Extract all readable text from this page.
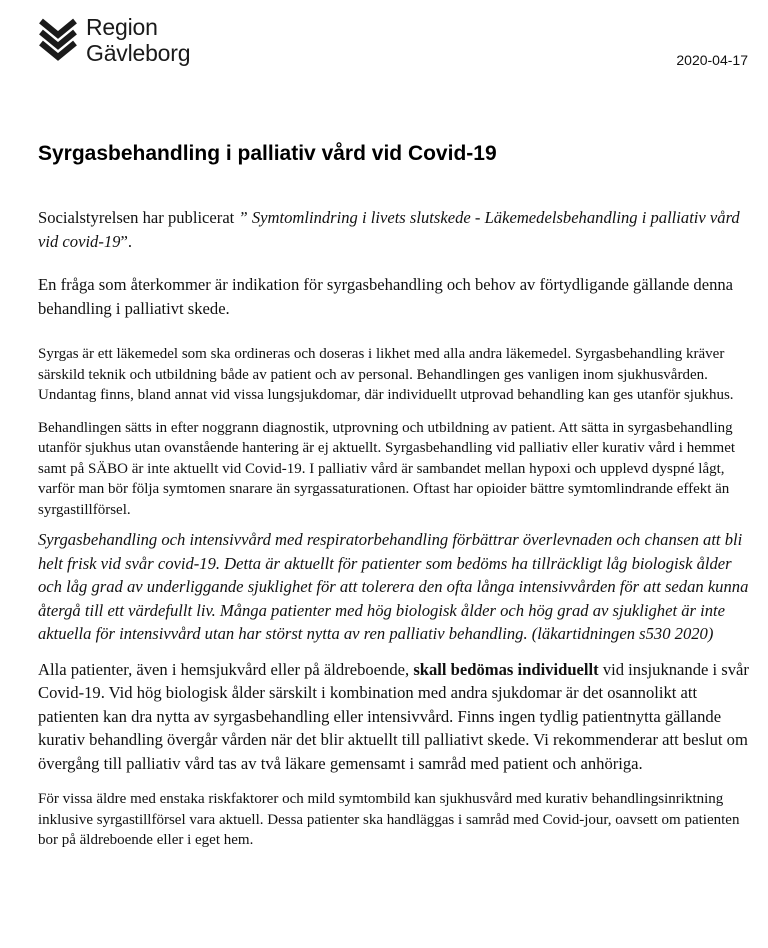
Region
Gävleborg	2020-04-17
Syrgasbehandling i palliativ vård vid Covid-19

Socialstyrelsen har publicerat ” Symtomlindring i livets slutskede - Läkemedelsbehandling i palliativ vård vid covid-19”.

En fråga som återkommer är indikation för syrgasbehandling och behov av förtydligande gällande denna behandling i palliativt skede.

Syrgas är ett läkemedel som ska ordineras och doseras i likhet med alla andra läkemedel. Syrgasbehandling kräver särskild teknik och utbildning både av patient och av personal. Behandlingen ges vanligen inom sjukhusvården. Undantag finns, bland annat vid vissa lungsjukdomar, där individuellt utprovad behandling kan ges utanför sjukhus.

Behandlingen sätts in efter noggrann diagnostik, utprovning och utbildning av patient. Att sätta in syrgasbehandling utanför sjukhus utan ovanstående hantering är ej aktuellt. Syrgasbehandling vid palliativ eller kurativ vård i hemmet samt på SÄBO är inte aktuellt vid Covid-19. I palliativ vård är sambandet mellan hypoxi och upplevd dyspné lågt, varför man bör följa symtomen snarare än syrgassaturationen. Oftast har opioider bättre symtomlindrande effekt än syrgastillförsel.

Syrgasbehandling och intensivvård med respiratorbehandling förbättrar överlevnaden och chansen att bli helt frisk vid svår covid-19. Detta är aktuellt för patienter som bedöms ha tillräckligt låg biologisk ålder och låg grad av underliggande sjuklighet för att tolerera den ofta långa intensivvården för att sedan kunna återgå till ett värdefullt liv. Många patienter med hög biologisk ålder och hög grad av sjuklighet är inte aktuella för intensivvård utan har störst nytta av ren palliativ behandling. (läkartidningen s530 2020)

Alla patienter, även i hemsjukvård eller på äldreboende, skall bedömas individuellt vid insjuknande i svår Covid-19. Vid hög biologisk ålder särskilt i kombination med andra sjukdomar är det osannolikt att patienten kan dra nytta av syrgasbehandling eller intensivvård. Finns ingen tydlig patientnytta gällande kurativ behandling övergår vården när det blir aktuellt till palliativt skede. Vi rekommenderar att beslut om övergång till palliativ vård tas av två läkare gemensamt i samråd med patient och anhöriga.

För vissa äldre med enstaka riskfaktorer och mild symtombild kan sjukhusvård med kurativ behandlingsinriktning inklusive syrgastillförsel vara aktuell. Dessa patienter ska handläggas i samråd med Covid-jour, oavsett om patienten bor på äldreboende eller i eget hem.
